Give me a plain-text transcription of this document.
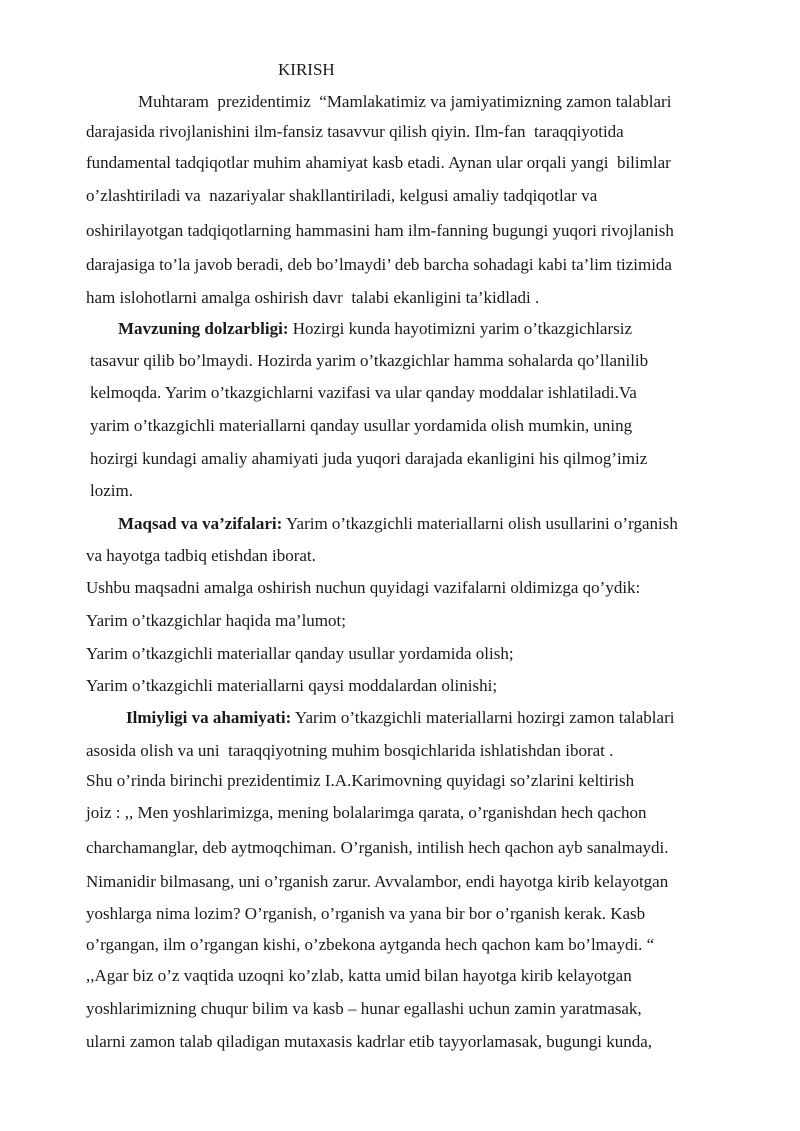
KIRISH
Muhtaram  prezidentimiz  “Mamlakatimiz va jamiyatimizning zamon talablari
darajasida rivojlanishini ilm-fansiz tasavvur qilish qiyin. Ilm-fan  taraqqiyotida
fundamental tadqiqotlar muhim ahamiyat kasb etadi. Aynan ular orqali yangi  bilimlar
o’zlashtiriladi va  nazariyalar shakllantiriladi, kelgusi amaliy tadqiqotlar va
oshirilayotgan tadqiqotlarning hammasini ham ilm-fanning bugungi yuqori rivojlanish
darajasiga to’la javob beradi, deb bo’lmaydi’ deb barcha sohadagi kabi ta’lim tizimida
ham islohotlarni amalga oshirish davr  talabi ekanligini ta’kidladi .
Mavzuning dolzarbligi: Hozirgi kunda hayotimizni yarim o’tkazgichlarsiz
tasavur qilib bo’lmaydi. Hozirda yarim o’tkazgichlar hamma sohalarda qo’llanilib
kelmoqda. Yarim o’tkazgichlarni vazifasi va ular qanday moddalar ishlatiladi.Va
yarim o’tkazgichli materiallarni qanday usullar yordamida olish mumkin, uning
hozirgi kundagi amaliy ahamiyati juda yuqori darajada ekanligini his qilmog’imiz
lozim.
Maqsad va va’zifalari: Yarim o’tkazgichli materiallarni olish usullarini o’rganish
va hayotga tadbiq etishdan iborat.
Ushbu maqsadni amalga oshirish nuchun quyidagi vazifalarni oldimizga qo’ydik:
Yarim o’tkazgichlar haqida ma’lumot;
Yarim o’tkazgichli materiallar qanday usullar yordamida olish;
Yarim o’tkazgichli materiallarni qaysi moddalardan olinishi;
Ilmiyligi va ahamiyati: Yarim o’tkazgichli materiallarni hozirgi zamon talablari
asosida olish va uni  taraqqiyotning muhim bosqichlarida ishlatishdan iborat .
Shu o’rinda birinchi prezidentimiz I.A.Karimovning quyidagi so’zlarini keltirish
joiz : ,, Men yoshlarimizga, mening bolalarimga qarata, o’rganishdan hech qachon
charchamanglar, deb aytmoqchiman. O’rganish, intilish hech qachon ayb sanalmaydi.
Nimanidir bilmasang, uni o’rganish zarur. Avvalambor, endi hayotga kirib kelayotgan
yoshlarga nima lozim? O’rganish, o’rganish va yana bir bor o’rganish kerak. Kasb
o’rgangan, ilm o’rgangan kishi, o’zbekona aytganda hech qachon kam bo’lmaydi. “
,,Agar biz o’z vaqtida uzoqni ko’zlab, katta umid bilan hayotga kirib kelayotgan
yoshlarimizning chuqur bilim va kasb – hunar egallashi uchun zamin yaratmasak,
ularni zamon talab qiladigan mutaxasis kadrlar etib tayyorlamasak, bugungi kunda,
